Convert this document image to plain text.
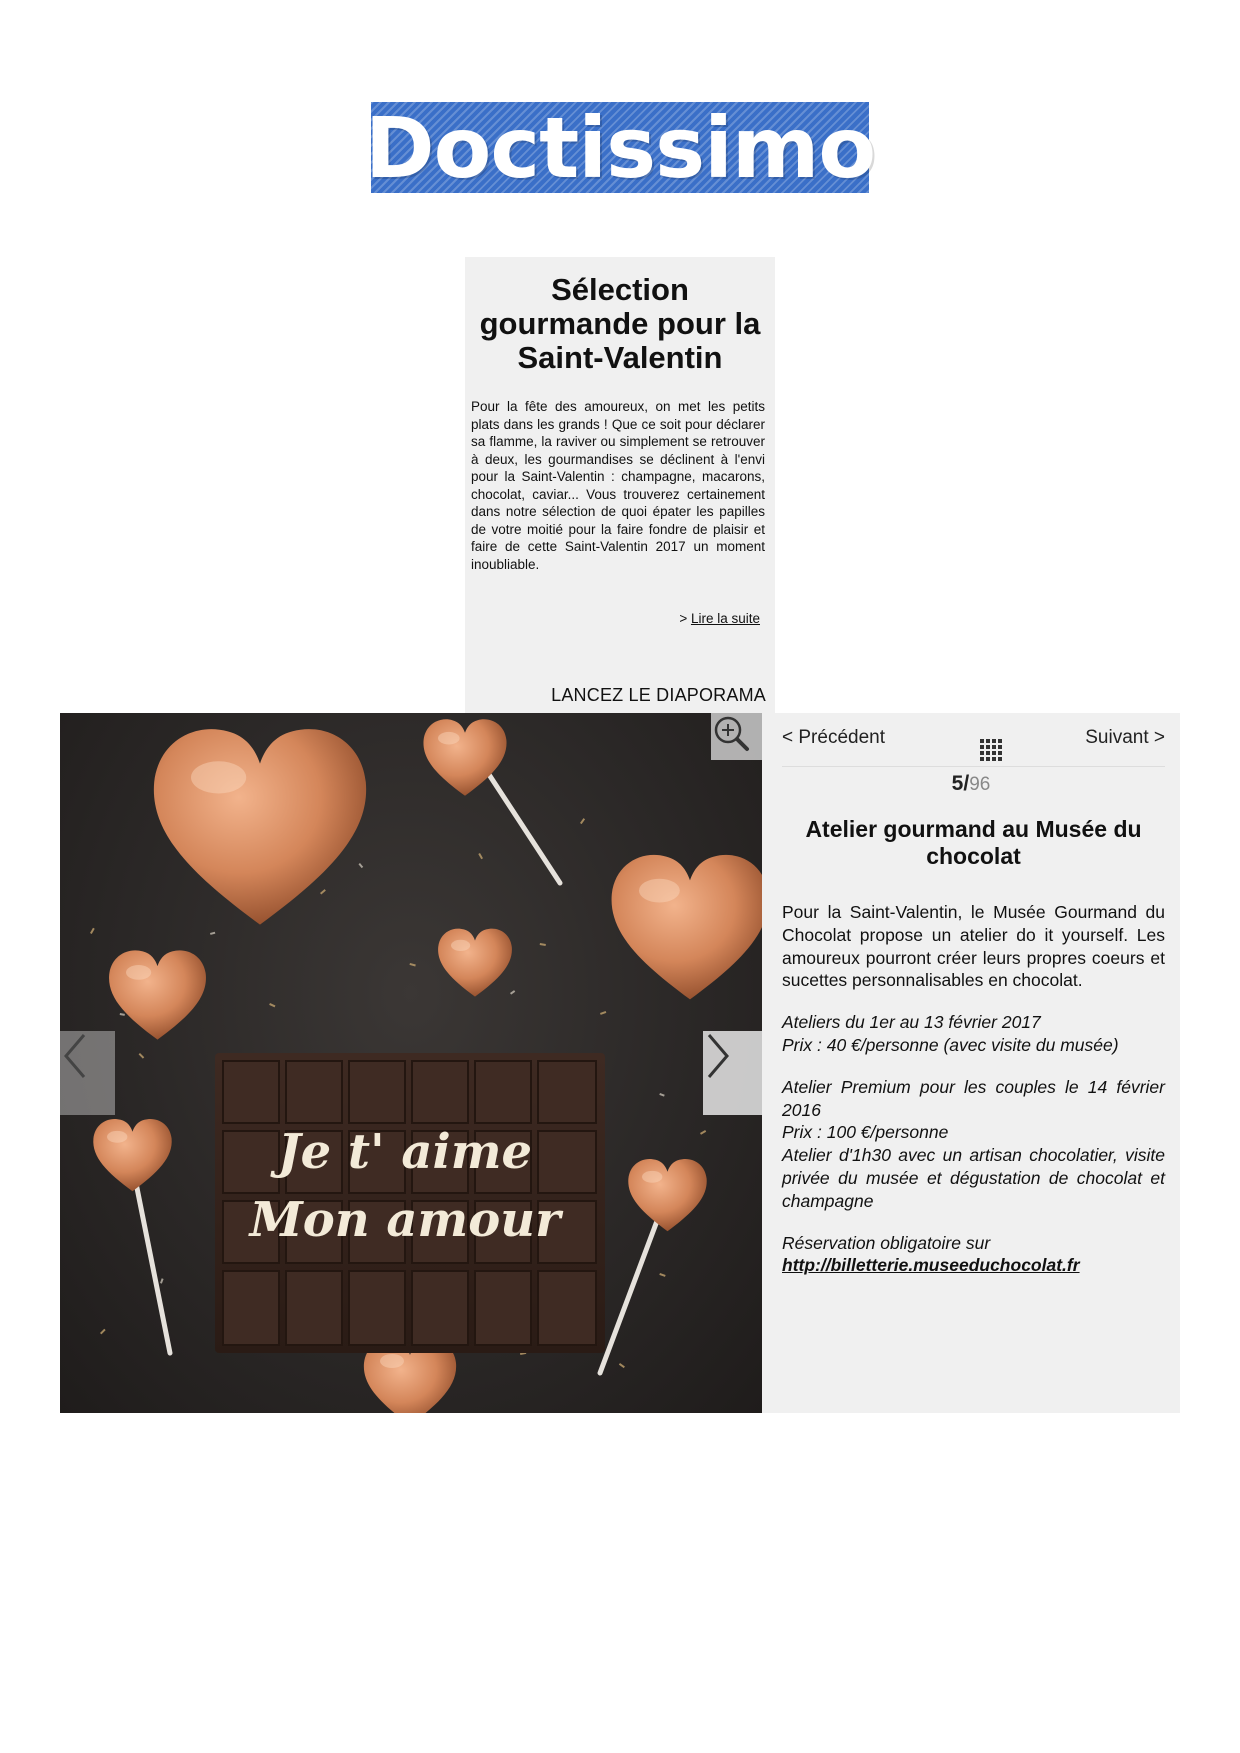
Doctissimo
Sélection gourmande pour la Saint-Valentin

Pour la fête des amoureux, on met les petits plats dans les grands ! Que ce soit pour déclarer sa flamme, la raviver ou simplement se retrouver à deux, les gourmandises se déclinent à l'envi pour la Saint-Valentin : champagne, macarons, chocolat, caviar... Vous trouverez certainement dans notre sélection de quoi épater les papilles de votre moitié pour la faire fondre de plaisir et faire de cette Saint-Valentin 2017 un moment inoubliable.

> Lire la suite
LANCEZ LE DIAPORAMA
Je t' aime
Mon amour
< Précédent	Suivant >
5/96
Atelier gourmand au Musée du chocolat

Pour la Saint-Valentin, le Musée Gourmand du Chocolat propose un atelier do it yourself. Les amoureux pourront créer leurs propres coeurs et sucettes personnalisables en chocolat.

Ateliers du 1er au 13 février 2017
Prix : 40 €/personne (avec visite du musée)

Atelier Premium pour les couples le 14 février 2016
Prix : 100 €/personne
Atelier d'1h30 avec un artisan chocolatier, visite privée du musée et dégustation de chocolat et champagne

Réservation obligatoire sur
http://billetterie.museeduchocolat.fr
